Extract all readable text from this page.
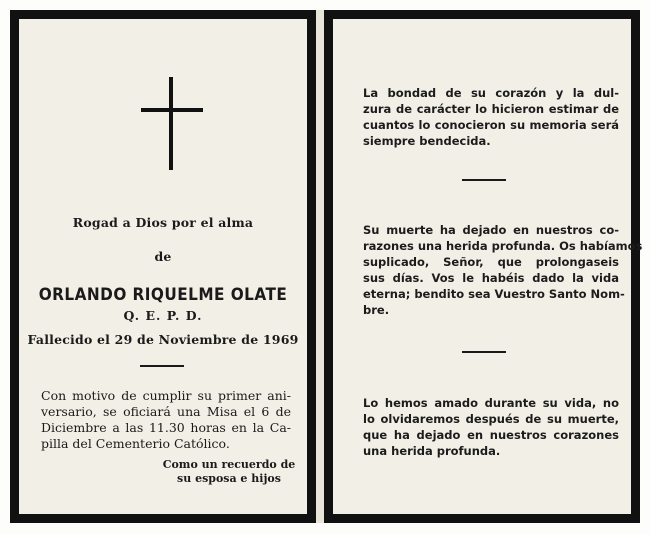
Rogad a Dios por el alma
de
ORLANDO RIQUELME OLATE
Q. E. P. D.
Fallecido el 29 de Noviembre de 1969
Con motivo de cumplir su primer ani-
versario, se oficiará una Misa el 6 de
Diciembre a las 11.30 horas en la Ca-
pilla del Cementerio Católico.
Como un recuerdo de
su esposa e hijos
La bondad de su corazón y la dul-
zura de carácter lo hicieron estimar de
cuantos lo conocieron su memoria será
siempre bendecida.
Su muerte ha dejado en nuestros co-
razones una herida profunda. Os habíamos
suplicado, Señor, que prolongaseis
sus días. Vos le habéis dado la vida
eterna; bendito sea Vuestro Santo Nom-
bre.
Lo hemos amado durante su vida, no
lo olvidaremos después de su muerte,
que ha dejado en nuestros corazones
una herida profunda.
